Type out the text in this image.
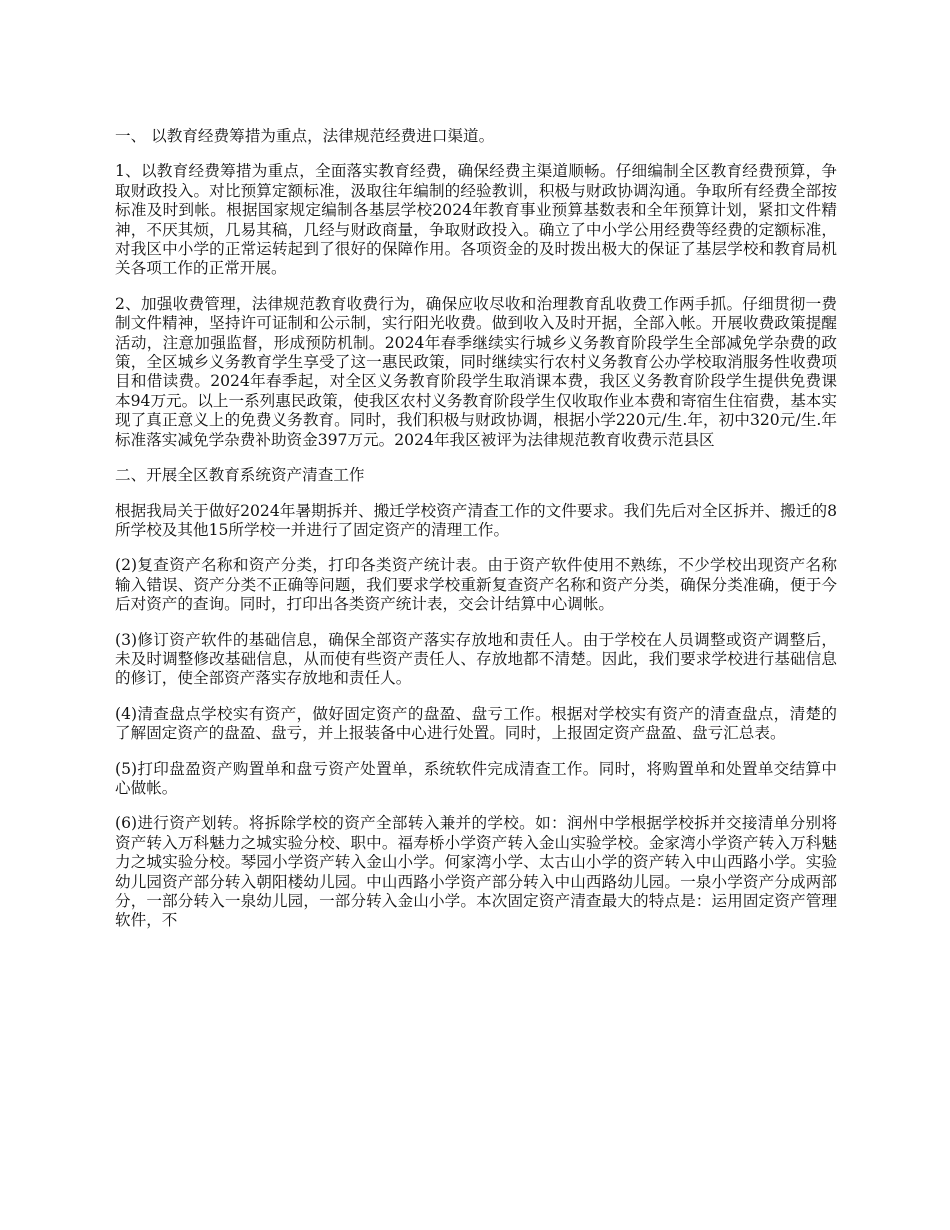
一、 以教育经费筹措为重点，法律规范经费进口渠道。

1、以教育经费筹措为重点，全面落实教育经费，确保经费主渠道顺畅。仔细编制全区教育经费预算，争取财政投入。对比预算定额标准，汲取往年编制的经验教训，积极与财政协调沟通。争取所有经费全部按标准及时到帐。根据国家规定编制各基层学校2024年教育事业预算基数表和全年预算计划，紧扣文件精神，不厌其烦，几易其稿，几经与财政商量，争取财政投入。确立了中小学公用经费等经费的定额标准，对我区中小学的正常运转起到了很好的保障作用。各项资金的及时拨出极大的保证了基层学校和教育局机关各项工作的正常开展。

2、加强收费管理，法律规范教育收费行为，确保应收尽收和治理教育乱收费工作两手抓。仔细贯彻一费制文件精神，坚持许可证制和公示制，实行阳光收费。做到收入及时开据，全部入帐。开展收费政策提醒活动，注意加强监督，形成预防机制。2024年春季继续实行城乡义务教育阶段学生全部减免学杂费的政策，全区城乡义务教育学生享受了这一惠民政策，同时继续实行农村义务教育公办学校取消服务性收费项目和借读费。2024年春季起，对全区义务教育阶段学生取消课本费，我区义务教育阶段学生提供免费课本94万元。以上一系列惠民政策，使我区农村义务教育阶段学生仅收取作业本费和寄宿生住宿费，基本实现了真正意义上的免费义务教育。同时，我们积极与财政协调，根据小学220元/生.年，初中320元/生.年标准落实减免学杂费补助资金397万元。2024年我区被评为法律规范教育收费示范县区

二、开展全区教育系统资产清查工作

根据我局关于做好2024年暑期拆并、搬迁学校资产清查工作的文件要求。我们先后对全区拆并、搬迁的8所学校及其他15所学校一并进行了固定资产的清理工作。

(2)复查资产名称和资产分类，打印各类资产统计表。由于资产软件使用不熟练，不少学校出现资产名称输入错误、资产分类不正确等问题，我们要求学校重新复查资产名称和资产分类，确保分类准确，便于今后对资产的查询。同时，打印出各类资产统计表，交会计结算中心调帐。

(3)修订资产软件的基础信息，确保全部资产落实存放地和责任人。由于学校在人员调整或资产调整后，未及时调整修改基础信息，从而使有些资产责任人、存放地都不清楚。因此，我们要求学校进行基础信息的修订，使全部资产落实存放地和责任人。

(4)清查盘点学校实有资产，做好固定资产的盘盈、盘亏工作。根据对学校实有资产的清查盘点，清楚的了解固定资产的盘盈、盘亏，并上报装备中心进行处置。同时，上报固定资产盘盈、盘亏汇总表。

(5)打印盘盈资产购置单和盘亏资产处置单，系统软件完成清查工作。同时，将购置单和处置单交结算中心做帐。

(6)进行资产划转。将拆除学校的资产全部转入兼并的学校。如：润州中学根据学校拆并交接清单分别将资产转入万科魅力之城实验分校、职中。福寿桥小学资产转入金山实验学校。金家湾小学资产转入万科魅力之城实验分校。琴园小学资产转入金山小学。何家湾小学、太古山小学的资产转入中山西路小学。实验幼儿园资产部分转入朝阳楼幼儿园。中山西路小学资产部分转入中山西路幼儿园。一泉小学资产分成两部分，一部分转入一泉幼儿园，一部分转入金山小学。本次固定资产清查最大的特点是：运用固定资产管理软件，不
